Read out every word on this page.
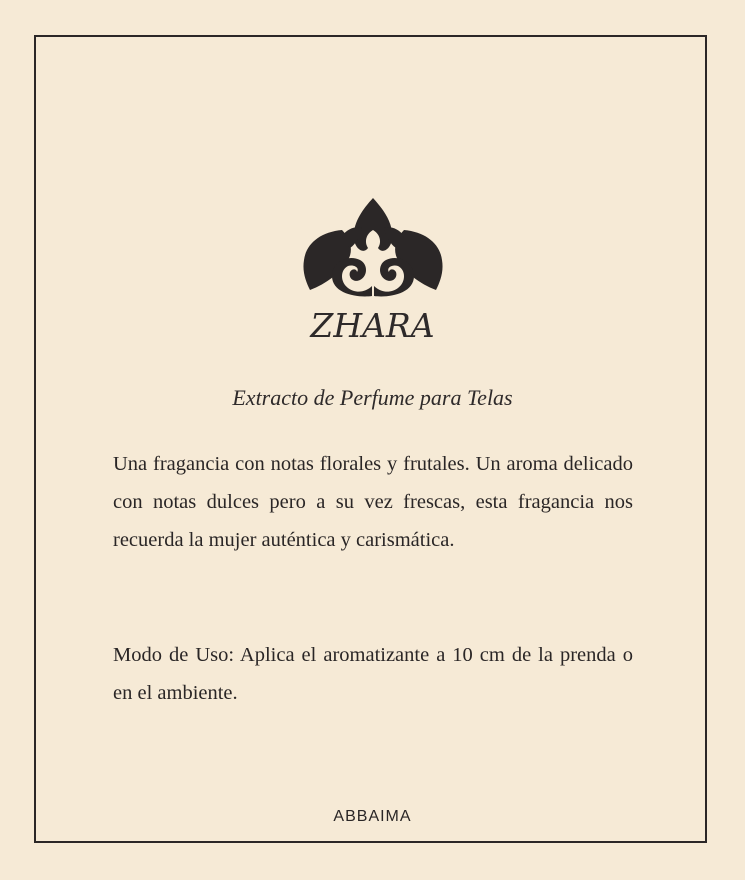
ZHARA
Extracto de Perfume para Telas
Una fragancia con notas florales y frutales. Un aroma delicado con notas dulces pero a su vez frescas, esta fragancia nos recuerda la mujer auténtica y carismática.
Modo de Uso: Aplica el aromatizante a 10 cm de la prenda o en el ambiente.
ABBAIMA
